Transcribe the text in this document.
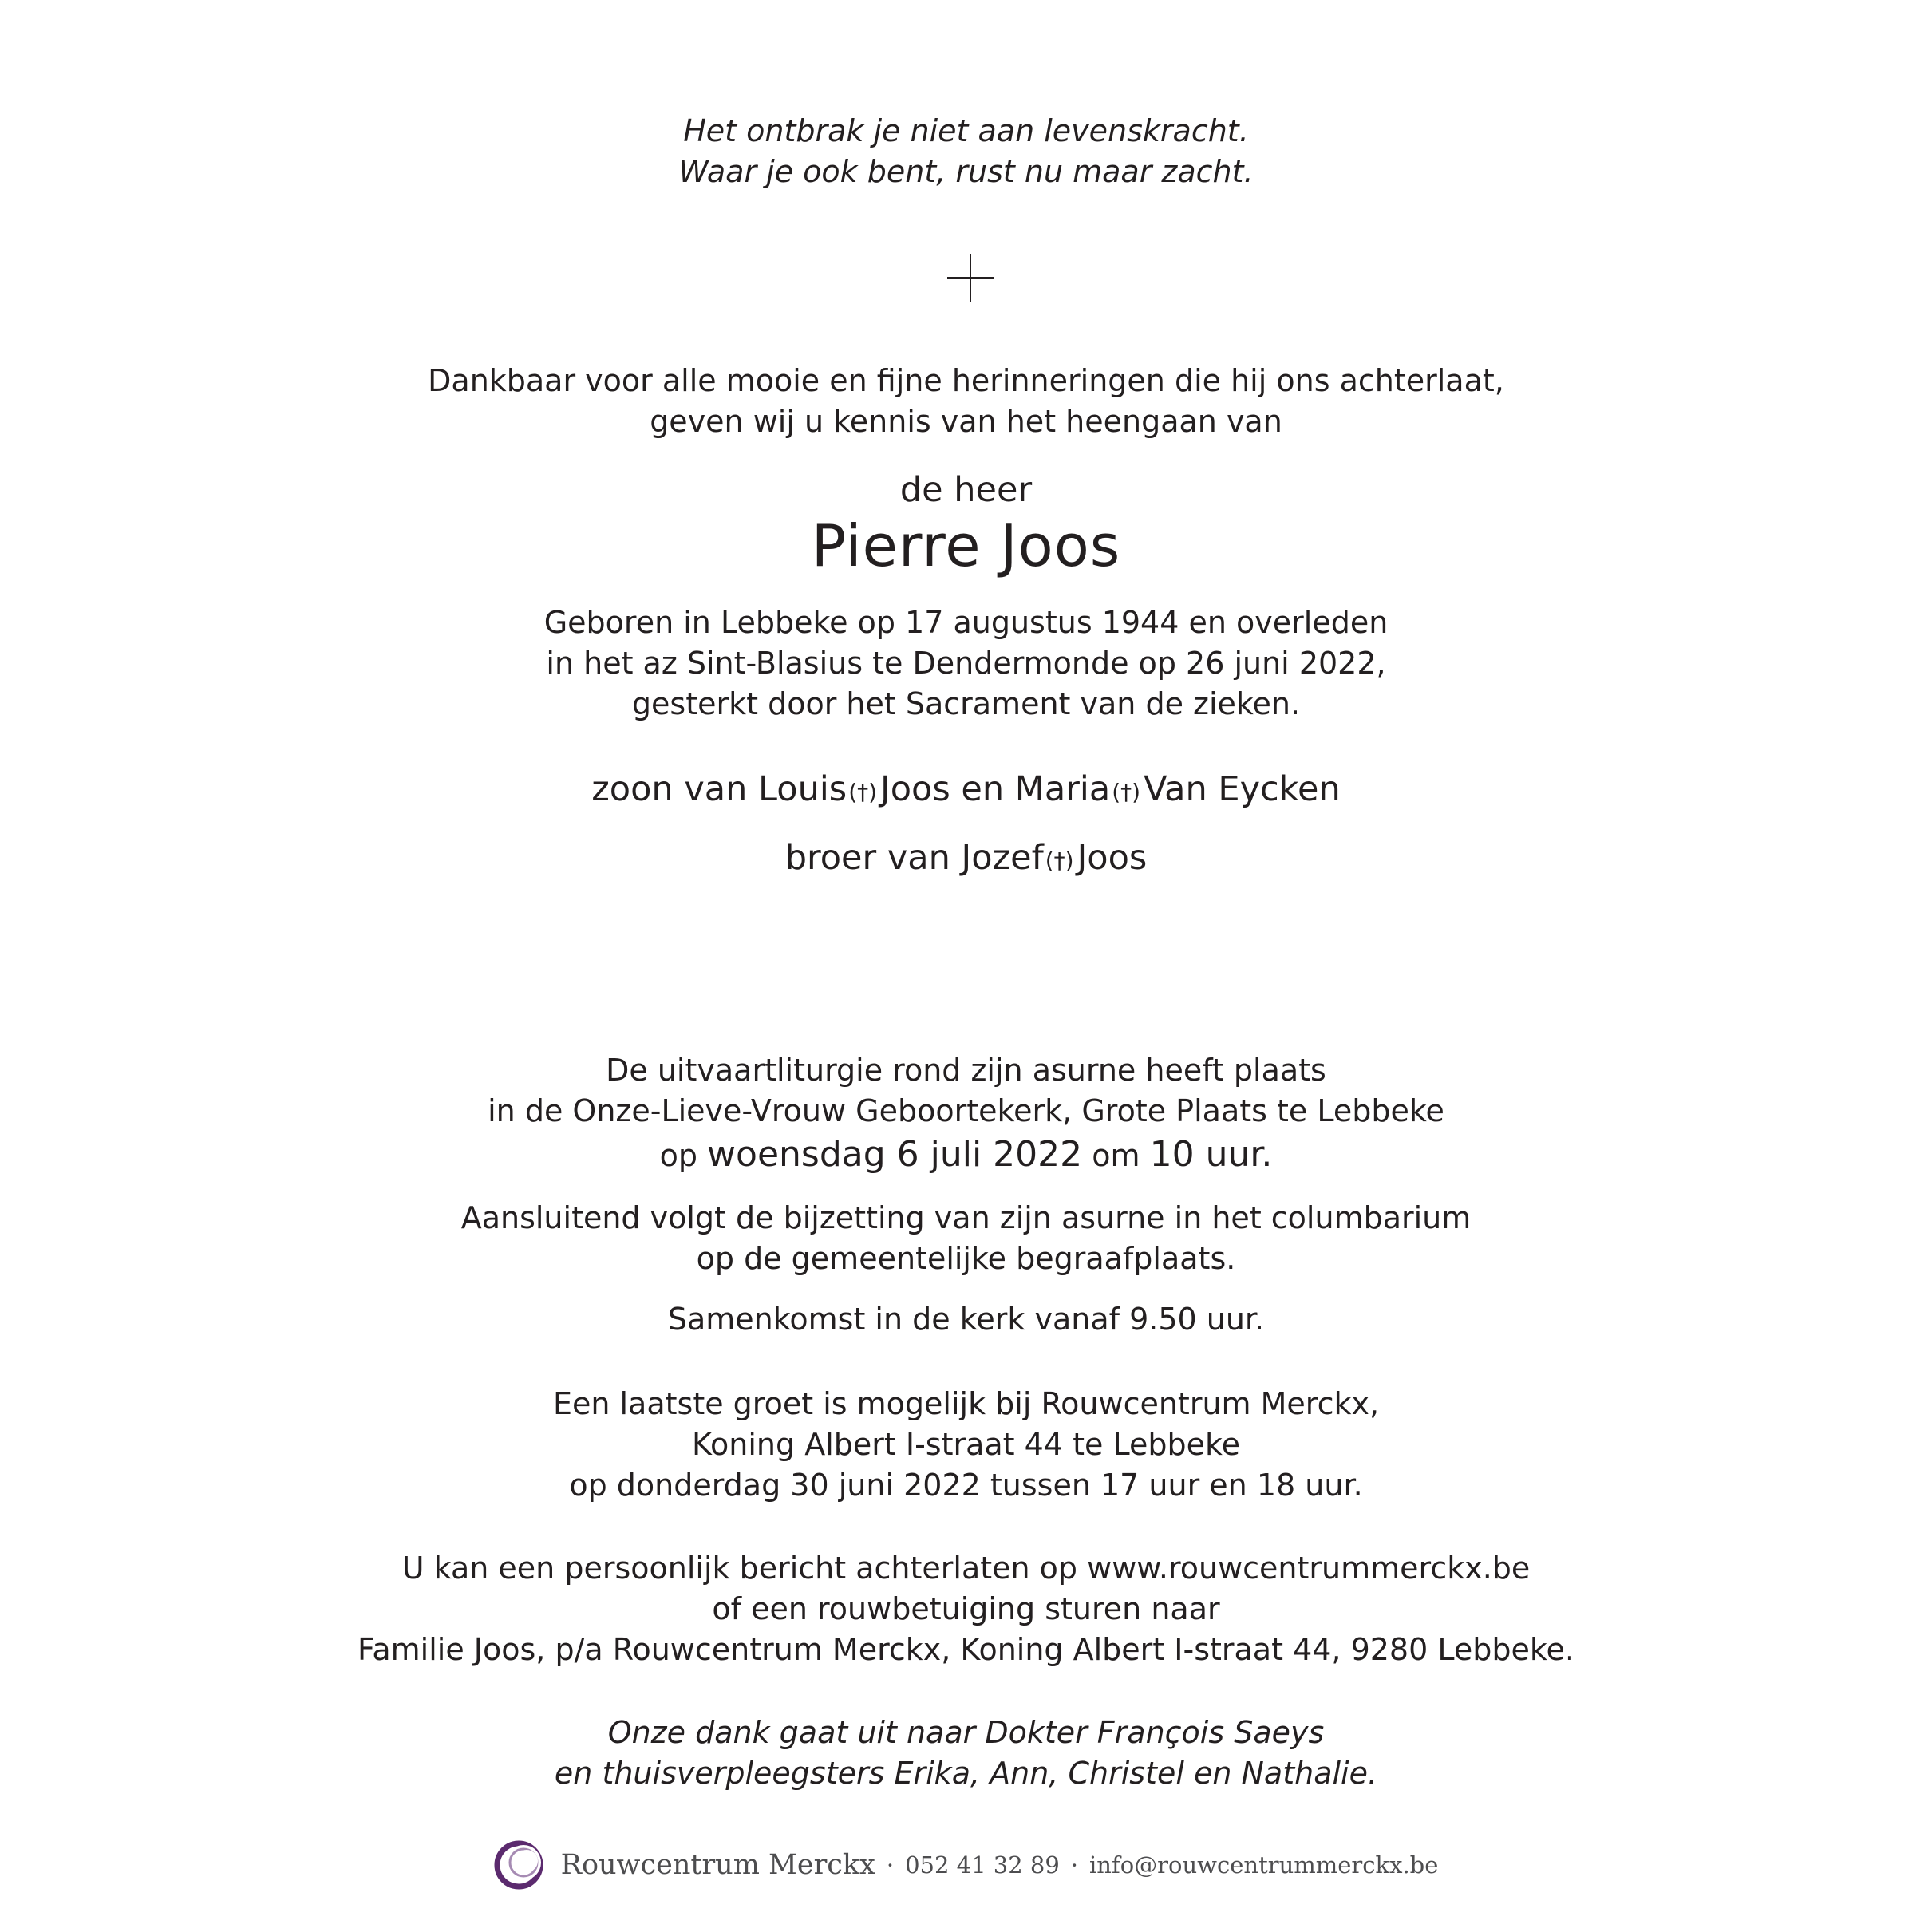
Het ontbrak je niet aan levenskracht.
Waar je ook bent, rust nu maar zacht.
Dankbaar voor alle mooie en fijne herinneringen die hij ons achterlaat,
geven wij u kennis van het heengaan van
de heer
Pierre Joos
Geboren in Lebbeke op 17 augustus 1944 en overleden
in het az Sint-Blasius te Dendermonde op 26 juni 2022,
gesterkt door het Sacrament van de zieken.
zoon van Louis(†)Joos en Maria(†)Van Eycken
broer van Jozef(†)Joos
De uitvaartliturgie rond zijn asurne heeft plaats
in de Onze-Lieve-Vrouw Geboortekerk, Grote Plaats te Lebbeke
op woensdag 6 juli 2022 om 10 uur.
Aansluitend volgt de bijzetting van zijn asurne in het columbarium
op de gemeentelijke begraafplaats.
Samenkomst in de kerk vanaf 9.50 uur.
Een laatste groet is mogelijk bij Rouwcentrum Merckx,
Koning Albert I-straat 44 te Lebbeke
op donderdag 30 juni 2022 tussen 17 uur en 18 uur.
U kan een persoonlijk bericht achterlaten op www.rouwcentrummerckx.be
of een rouwbetuiging sturen naar
Familie Joos, p/a Rouwcentrum Merckx, Koning Albert I-straat 44, 9280 Lebbeke.
Onze dank gaat uit naar Dokter François Saeys
en thuisverpleegsters Erika, Ann, Christel en Nathalie.
Rouwcentrum Merckx · 052 41 32 89 · info@rouwcentrummerckx.be
